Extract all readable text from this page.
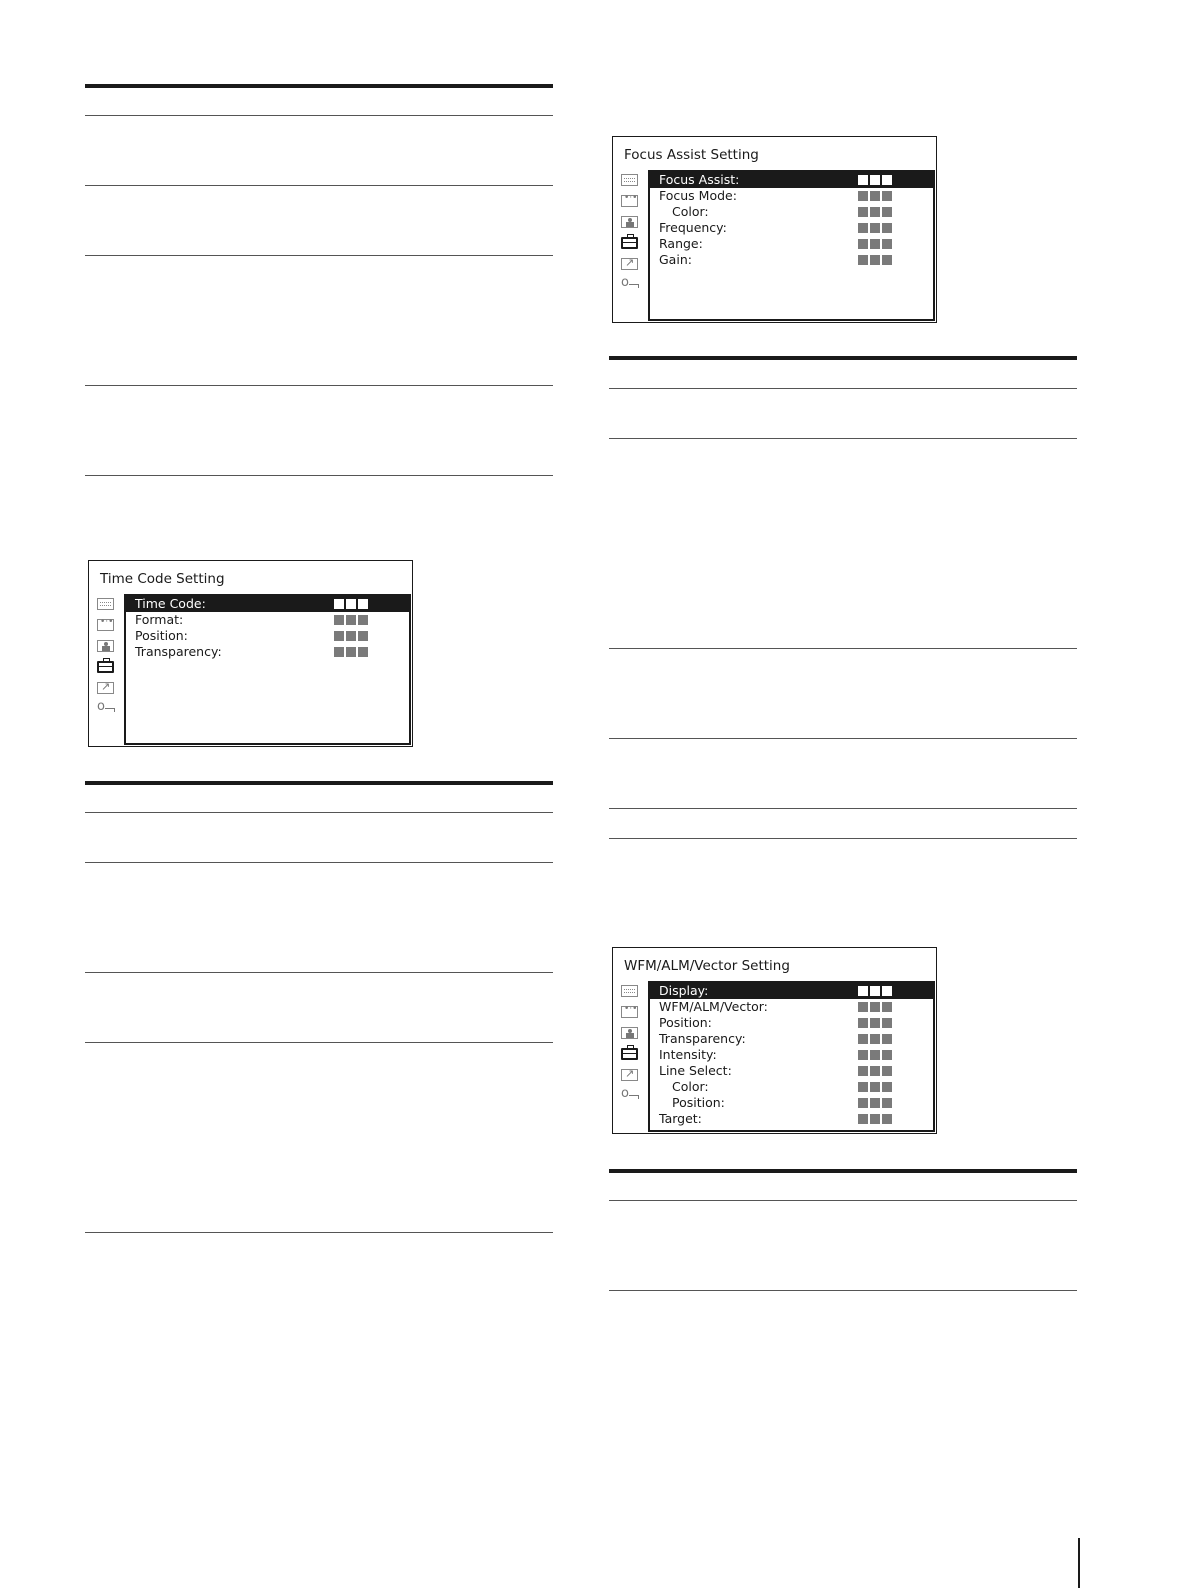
Time Code Setting
•·•
↗
o
Time Code:
Format:
Position:
Transparency:
Focus Assist Setting
•·•
↗
o
Focus Assist:
Focus Mode:
Color:
Frequency:
Range:
Gain:
WFM/ALM/Vector Setting
•·•
↗
o
Display:
WFM/ALM/Vector:
Position:
Transparency:
Intensity:
Line Select:
Color:
Position:
Target:
